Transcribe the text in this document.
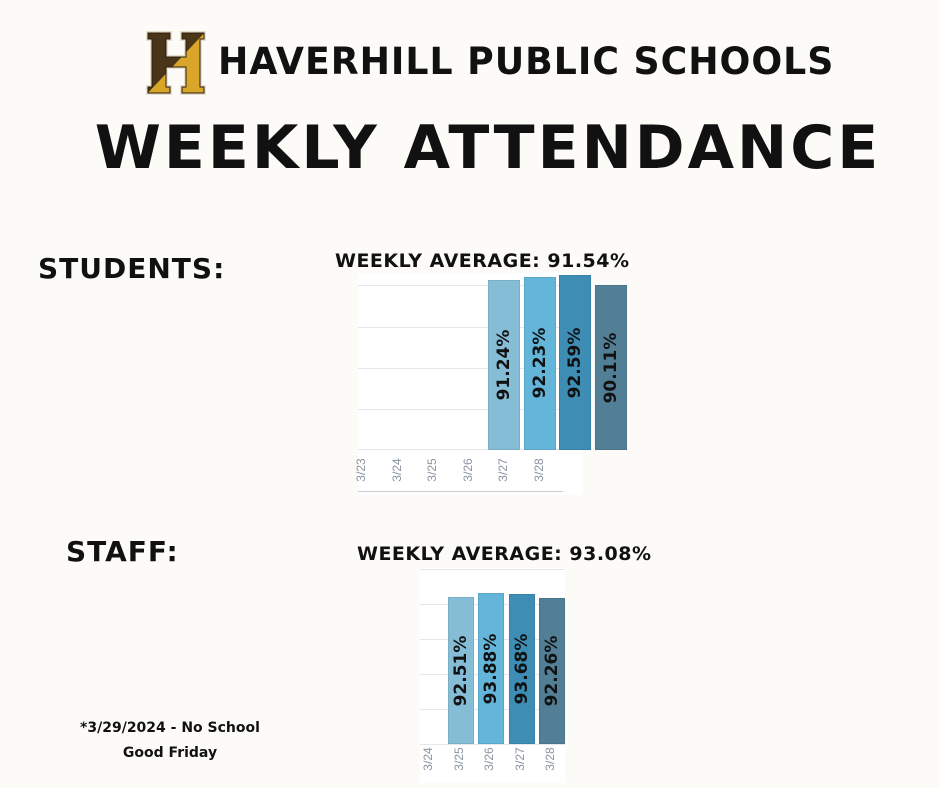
HAVERHILL PUBLIC SCHOOLS
WEEKLY ATTENDANCE
STUDENTS:	WEEKLY AVERAGE: 91.54%
91.24% 92.23% 92.59% 90.11%
3/23 3/24 3/25 3/26 3/27 3/28
STAFF:	WEEKLY AVERAGE: 93.08%
92.51% 93.88% 93.68% 92.26%
3/24 3/25 3/26 3/27 3/28
*3/29/2024 - No School
Good Friday
